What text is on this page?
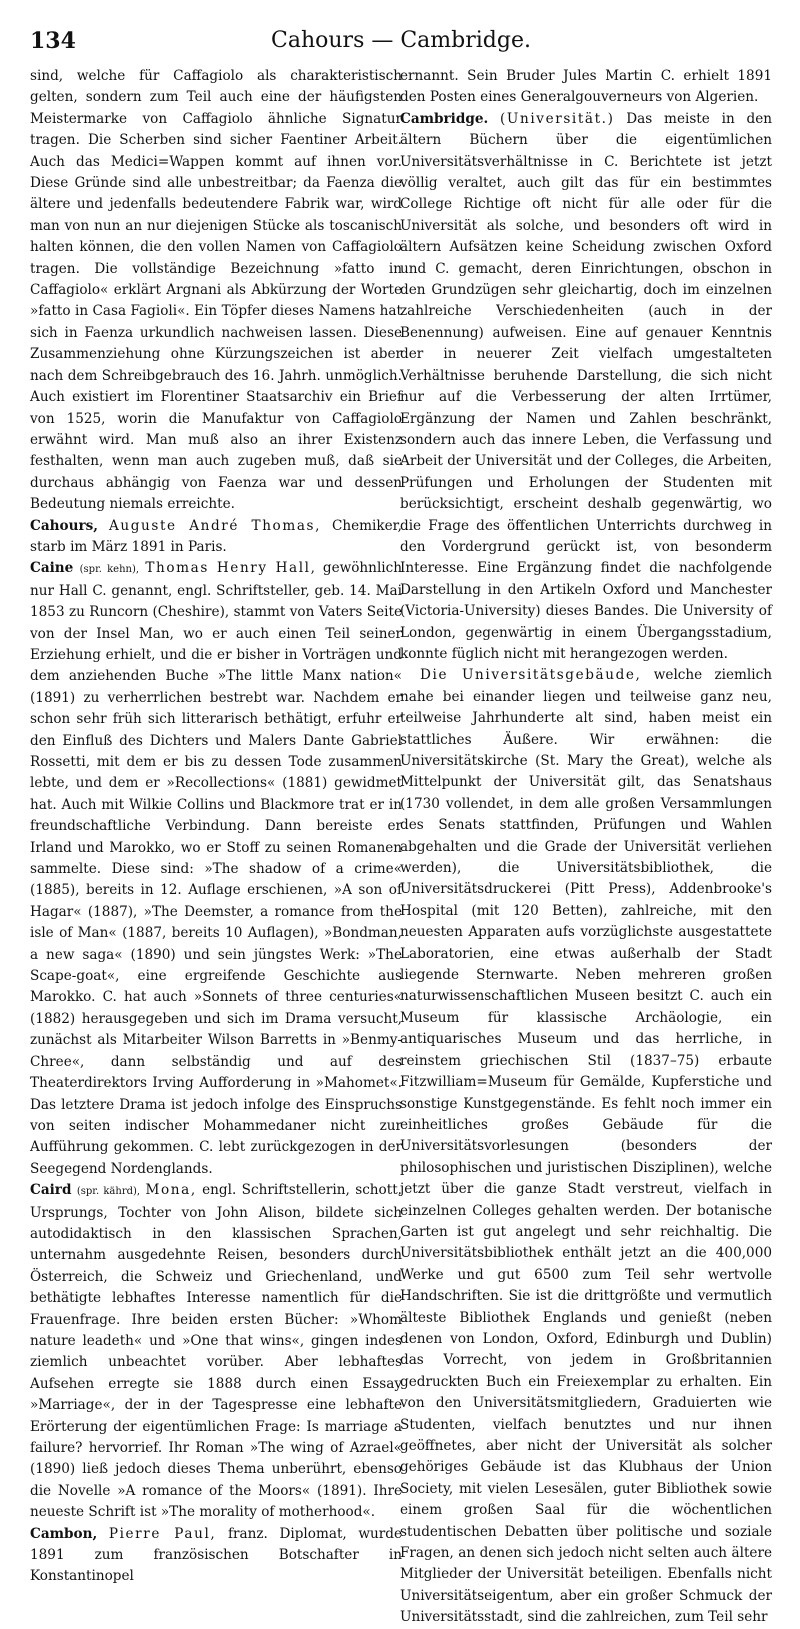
134	Cahours — Cambridge.

sind, welche für Caffagiolo als charakteristisch gelten, sondern zum Teil auch eine der häufigsten Meistermarke von Caffagiolo ähnliche Signatur tragen. Die Scherben sind sicher Faentiner Arbeit. Auch das Medici=Wappen kommt auf ihnen vor. Diese Gründe sind alle unbestreitbar; da Faenza die ältere und jedenfalls bedeutendere Fabrik war, wird man von nun an nur diejenigen Stücke als toscanisch halten können, die den vollen Namen von Caffagiolo tragen. Die vollständige Bezeichnung »fatto in Caffagiolo« erklärt Argnani als Abkürzung der Worte »fatto in Casa Fagioli«. Ein Töpfer dieses Namens hat sich in Faenza urkundlich nachweisen lassen. Diese Zusammenziehung ohne Kürzungszeichen ist aber nach dem Schreibgebrauch des 16. Jahrh. unmöglich. Auch existiert im Florentiner Staatsarchiv ein Brief von 1525, worin die Manufaktur von Caffagiolo erwähnt wird. Man muß also an ihrer Existenz festhalten, wenn man auch zugeben muß, daß sie durchaus abhängig von Faenza war und dessen Bedeutung niemals erreichte.

Cahours, Auguste André Thomas, Chemiker, starb im März 1891 in Paris.

Caine (spr. kehn), Thomas Henry Hall, gewöhnlich nur Hall C. genannt, engl. Schriftsteller, geb. 14. Mai 1853 zu Runcorn (Cheshire), stammt von Vaters Seite von der Insel Man, wo er auch einen Teil seiner Erziehung erhielt, und die er bisher in Vorträgen und dem anziehenden Buche »The little Manx nation« (1891) zu verherrlichen bestrebt war. Nachdem er schon sehr früh sich litterarisch bethätigt, erfuhr er den Einfluß des Dichters und Malers Dante Gabriel Rossetti, mit dem er bis zu dessen Tode zusammen lebte, und dem er »Recollections« (1881) gewidmet hat. Auch mit Wilkie Collins und Blackmore trat er in freundschaftliche Verbindung. Dann bereiste er Irland und Marokko, wo er Stoff zu seinen Romanen sammelte. Diese sind: »The shadow of a crime« (1885), bereits in 12. Auflage erschienen, »A son of Hagar« (1887), »The Deemster, a romance from the isle of Man« (1887, bereits 10 Auflagen), »Bondman, a new saga« (1890) und sein jüngstes Werk: »The Scape-goat«, eine ergreifende Geschichte aus Marokko. C. hat auch »Sonnets of three centuries« (1882) herausgegeben und sich im Drama versucht, zunächst als Mitarbeiter Wilson Barretts in »Benmy-Chree«, dann selbständig und auf des Theaterdirektors Irving Aufforderung in »Mahomet«. Das letztere Drama ist jedoch infolge des Einspruchs von seiten indischer Mohammedaner nicht zur Aufführung gekommen. C. lebt zurückgezogen in der Seegegend Nordenglands.

Caird (spr. kährd), Mona, engl. Schriftstellerin, schott. Ursprungs, Tochter von John Alison, bildete sich autodidaktisch in den klassischen Sprachen, unternahm ausgedehnte Reisen, besonders durch Österreich, die Schweiz und Griechenland, und bethätigte lebhaftes Interesse namentlich für die Frauenfrage. Ihre beiden ersten Bücher: »Whom nature leadeth« und »One that wins«, gingen indes ziemlich unbeachtet vorüber. Aber lebhaftes Aufsehen erregte sie 1888 durch einen Essay »Marriage«, der in der Tagespresse eine lebhafte Erörterung der eigentümlichen Frage: Is marriage a failure? hervorrief. Ihr Roman »The wing of Azrael« (1890) ließ jedoch dieses Thema unberührt, ebenso die Novelle »A romance of the Moors« (1891). Ihre neueste Schrift ist »The morality of motherhood«.

Cambon, Pierre Paul, franz. Diplomat, wurde 1891 zum französischen Botschafter in Konstantinopel

ernannt. Sein Bruder Jules Martin C. erhielt 1891 den Posten eines Generalgouverneurs von Algerien.

Cambridge. (Universität.) Das meiste in den ältern Büchern über die eigentümlichen Universitätsverhältnisse in C. Berichtete ist jetzt völlig veraltet, auch gilt das für ein bestimmtes College Richtige oft nicht für alle oder für die Universität als solche, und besonders oft wird in ältern Aufsätzen keine Scheidung zwischen Oxford und C. gemacht, deren Einrichtungen, obschon in den Grundzügen sehr gleichartig, doch im einzelnen zahlreiche Verschiedenheiten (auch in der Benennung) aufweisen. Eine auf genauer Kenntnis der in neuerer Zeit vielfach umgestalteten Verhältnisse beruhende Darstellung, die sich nicht nur auf die Verbesserung der alten Irrtümer, Ergänzung der Namen und Zahlen beschränkt, sondern auch das innere Leben, die Verfassung und Arbeit der Universität und der Colleges, die Arbeiten, Prüfungen und Erholungen der Studenten mit berücksichtigt, erscheint deshalb gegenwärtig, wo die Frage des öffentlichen Unterrichts durchweg in den Vordergrund gerückt ist, von besonderm Interesse. Eine Ergänzung findet die nachfolgende Darstellung in den Artikeln Oxford und Manchester (Victoria-University) dieses Bandes. Die University of London, gegenwärtig in einem Übergangsstadium, konnte füglich nicht mit herangezogen werden.

Die Universitätsgebäude, welche ziemlich nahe bei einander liegen und teilweise ganz neu, teilweise Jahrhunderte alt sind, haben meist ein stattliches Äußere. Wir erwähnen: die Universitätskirche (St. Mary the Great), welche als Mittelpunkt der Universität gilt, das Senatshaus (1730 vollendet, in dem alle großen Versammlungen des Senats stattfinden, Prüfungen und Wahlen abgehalten und die Grade der Universität verliehen werden), die Universitätsbibliothek, die Universitätsdruckerei (Pitt Press), Addenbrooke's Hospital (mit 120 Betten), zahlreiche, mit den neuesten Apparaten aufs vorzüglichste ausgestattete Laboratorien, eine etwas außerhalb der Stadt liegende Sternwarte. Neben mehreren großen naturwissenschaftlichen Museen besitzt C. auch ein Museum für klassische Archäologie, ein antiquarisches Museum und das herrliche, in reinstem griechischen Stil (1837–75) erbaute Fitzwilliam=Museum für Gemälde, Kupferstiche und sonstige Kunstgegenstände. Es fehlt noch immer ein einheitliches großes Gebäude für die Universitätsvorlesungen (besonders der philosophischen und juristischen Disziplinen), welche jetzt über die ganze Stadt verstreut, vielfach in einzelnen Colleges gehalten werden. Der botanische Garten ist gut angelegt und sehr reichhaltig. Die Universitätsbibliothek enthält jetzt an die 400,000 Werke und gut 6500 zum Teil sehr wertvolle Handschriften. Sie ist die drittgrößte und vermutlich älteste Bibliothek Englands und genießt (neben denen von London, Oxford, Edinburgh und Dublin) das Vorrecht, von jedem in Großbritannien gedruckten Buch ein Freiexemplar zu erhalten. Ein von den Universitätsmitgliedern, Graduierten wie Studenten, vielfach benutztes und nur ihnen geöffnetes, aber nicht der Universität als solcher gehöriges Gebäude ist das Klubhaus der Union Society, mit vielen Lesesälen, guter Bibliothek sowie einem großen Saal für die wöchentlichen studentischen Debatten über politische und soziale Fragen, an denen sich jedoch nicht selten auch ältere Mitglieder der Universität beteiligen. Ebenfalls nicht Universitätseigentum, aber ein großer Schmuck der Universitätsstadt, sind die zahlreichen, zum Teil sehr
